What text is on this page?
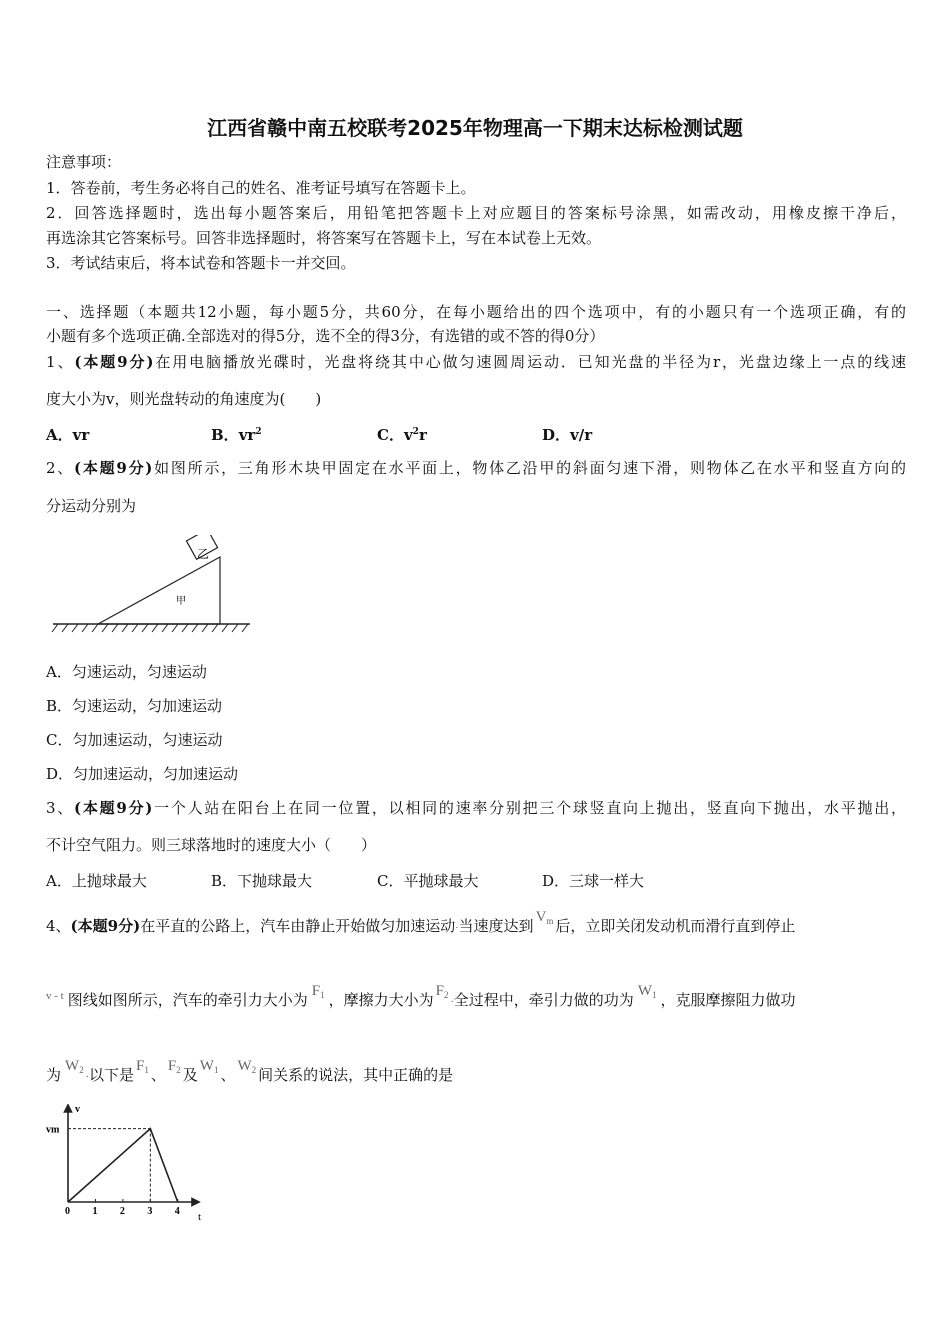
江西省赣中南五校联考2025年物理高一下期末达标检测试题
注意事项：
1．答卷前，考生务必将自己的姓名、准考证号填写在答题卡上。
2．回答选择题时，选出每小题答案后，用铅笔把答题卡上对应题目的答案标号涂黑，如需改动，用橡皮擦干净后，
再选涂其它答案标号。回答非选择题时，将答案写在答题卡上，写在本试卷上无效。
3．考试结束后，将本试卷和答题卡一并交回。
一、选择题（本题共12小题，每小题5分，共60分，在每小题给出的四个选项中，有的小题只有一个选项正确，有的
小题有多个选项正确.全部选对的得5分，选不全的得3分，有选错的或不答的得0分）
1、(本题9分)在用电脑播放光碟时，光盘将绕其中心做匀速圆周运动．已知光盘的半径为r，光盘边缘上一点的线速
度大小为v，则光盘转动的角速度为(　　)
A．vr	B．$vr^2$	C．$v^2r$	D．v/r
2、(本题9分)如图所示，三角形木块甲固定在水平面上，物体乙沿甲的斜面匀速下滑，则物体乙在水平和竖直方向的
分运动分别为
乙
甲
A．匀速运动，匀速运动
B．匀速运动，匀加速运动
C．匀加速运动，匀速运动
D．匀加速运动，匀加速运动
3、(本题9分)一个人站在阳台上在同一位置，以相同的速率分别把三个球竖直向上抛出，竖直向下抛出，水平抛出，
不计空气阻力。则三球落地时的速度大小（　　）
A．上抛球最大	B．下抛球最大	C．平抛球最大	D．三球一样大
4、(本题9分)在平直的公路上，汽车由静止开始做匀加速运动·当速度达到 $V_m$ 后，立即关闭发动机而滑行直到停止
$^{v - t}$ 图线如图所示，汽车的牵引力大小为 $F_1$ ，摩擦力大小为 $F_2\cdot$全过程中，牵引力做的功为 $W_1$ ，克服摩擦阻力做功
为 $W_2\cdot$以下是 $F_1$ 、 $F_2$ 及 $W_1$ 、 $W_2$ 间关系的说法，其中正确的是
v
t
0 1 2 3 4
vm
